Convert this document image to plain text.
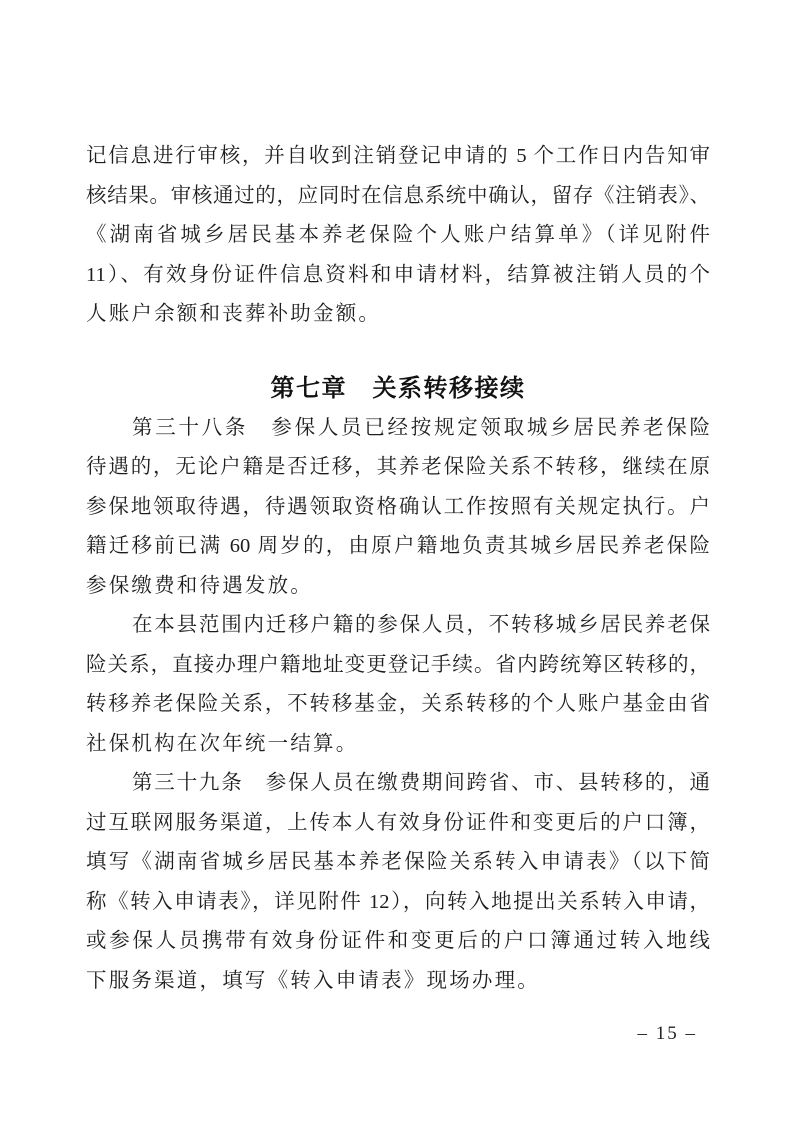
记信息进行审核，并自收到注销登记申请的 5 个工作日内告知审
核结果。审核通过的，应同时在信息系统中确认，留存《注销表》、
《湖南省城乡居民基本养老保险个人账户结算单》（详见附件
11）、有效身份证件信息资料和申请材料，结算被注销人员的个
人账户余额和丧葬补助金额。
第七章　关系转移接续
第三十八条　参保人员已经按规定领取城乡居民养老保险
待遇的，无论户籍是否迁移，其养老保险关系不转移，继续在原
参保地领取待遇，待遇领取资格确认工作按照有关规定执行。户
籍迁移前已满 60 周岁的，由原户籍地负责其城乡居民养老保险
参保缴费和待遇发放。
在本县范围内迁移户籍的参保人员，不转移城乡居民养老保
险关系，直接办理户籍地址变更登记手续。省内跨统筹区转移的，
转移养老保险关系，不转移基金，关系转移的个人账户基金由省
社保机构在次年统一结算。
第三十九条　参保人员在缴费期间跨省、市、县转移的，通
过互联网服务渠道，上传本人有效身份证件和变更后的户口簿，
填写《湖南省城乡居民基本养老保险关系转入申请表》（以下简
称《转入申请表》，详见附件 12），向转入地提出关系转入申请，
或参保人员携带有效身份证件和变更后的户口簿通过转入地线
下服务渠道，填写《转入申请表》现场办理。
– 15 –
